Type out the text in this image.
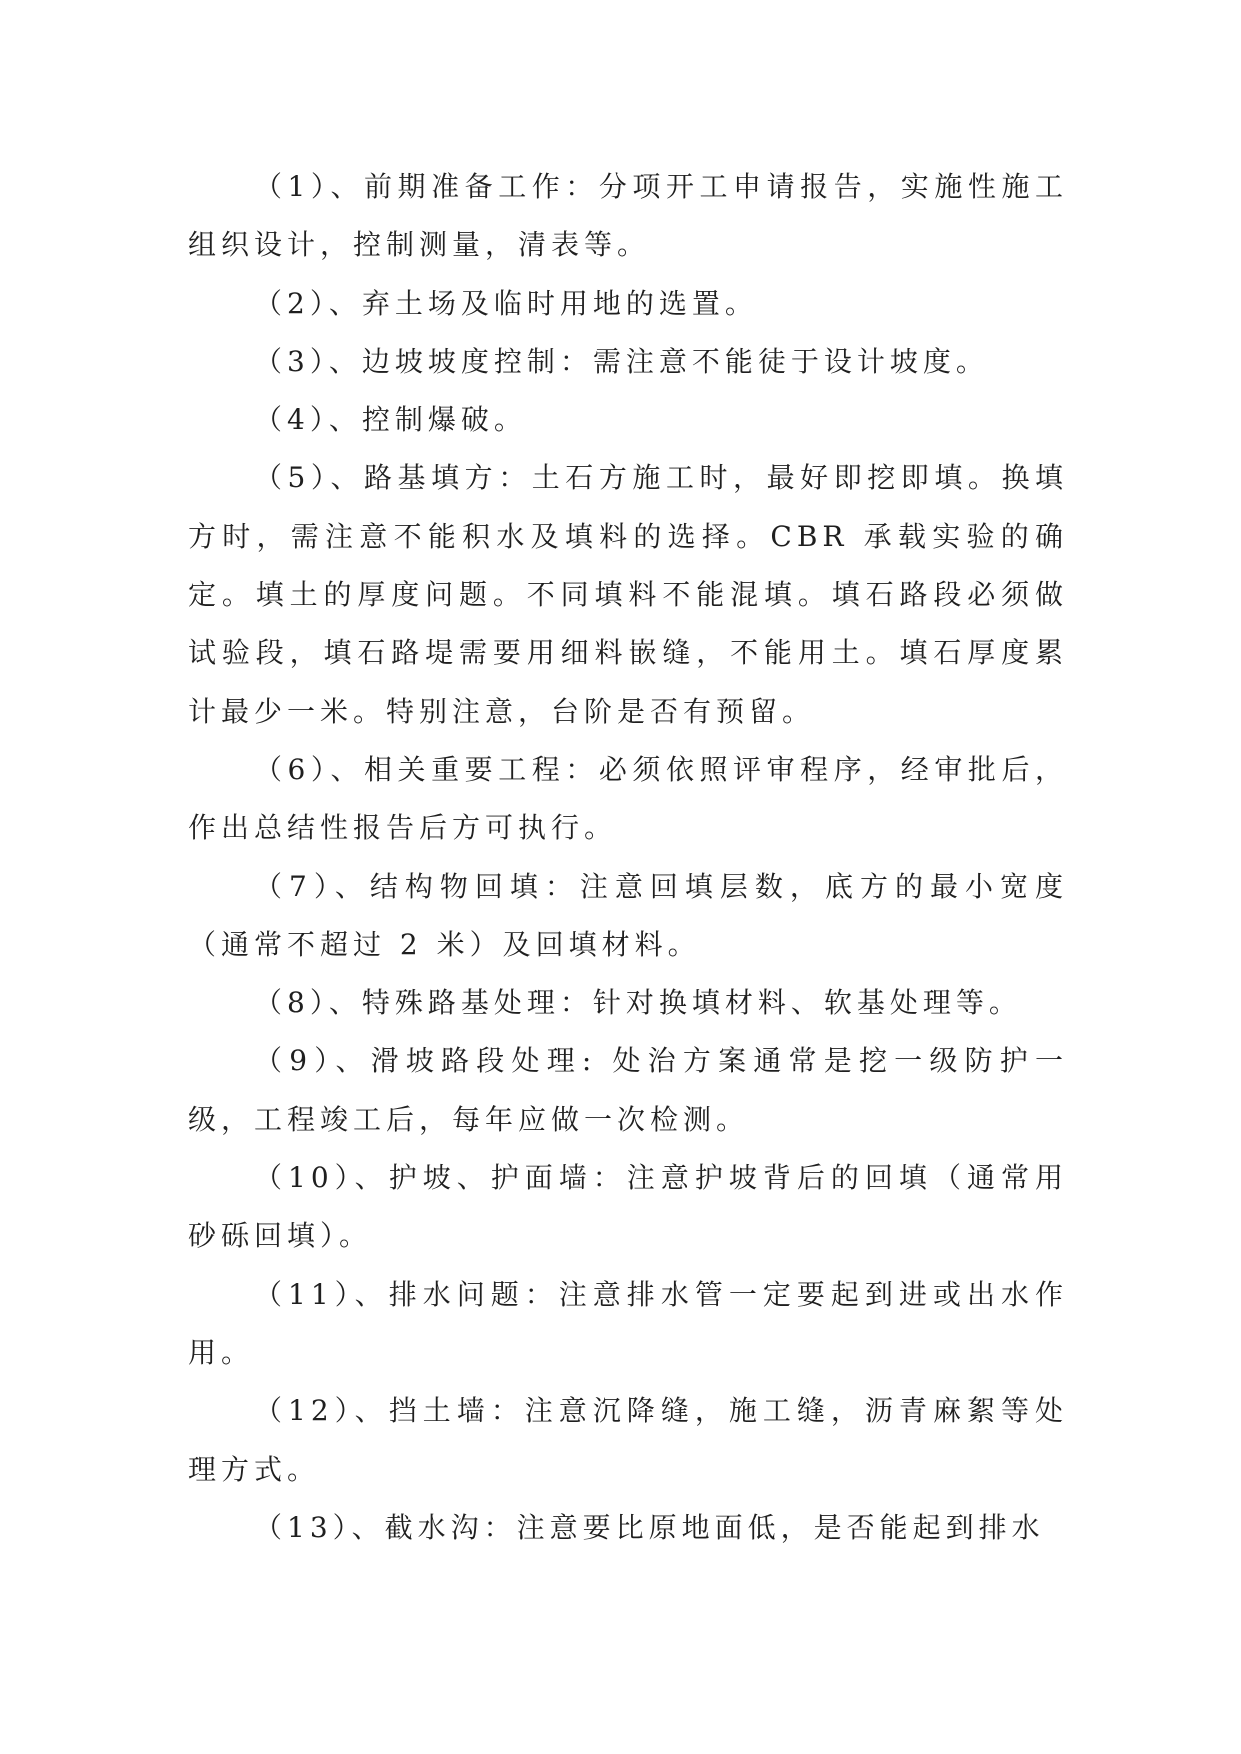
（1）、前期准备工作：分项开工申请报告，实施性施工组织设计，控制测量，清表等。

（2）、弃土场及临时用地的选置。

（3）、边坡坡度控制：需注意不能徒于设计坡度。

（4）、控制爆破。

（5）、路基填方：土石方施工时，最好即挖即填。换填方时，需注意不能积水及填料的选择。CBR 承载实验的确定。填土的厚度问题。不同填料不能混填。填石路段必须做试验段，填石路堤需要用细料嵌缝，不能用土。填石厚度累计最少一米。特别注意，台阶是否有预留。

（6）、相关重要工程：必须依照评审程序，经审批后，作出总结性报告后方可执行。

（7）、结构物回填：注意回填层数，底方的最小宽度（通常不超过 2 米）及回填材料。

（8）、特殊路基处理：针对换填材料、软基处理等。

（9）、滑坡路段处理: 处治方案通常是挖一级防护一级，工程竣工后，每年应做一次检测。

（10）、护坡、护面墙：注意护坡背后的回填（通常用砂砾回填）。

（11）、排水问题：注意排水管一定要起到进或出水作用。

（12）、挡土墙：注意沉降缝，施工缝，沥青麻絮等处理方式。

（13）、截水沟：注意要比原地面低，是否能起到排水
